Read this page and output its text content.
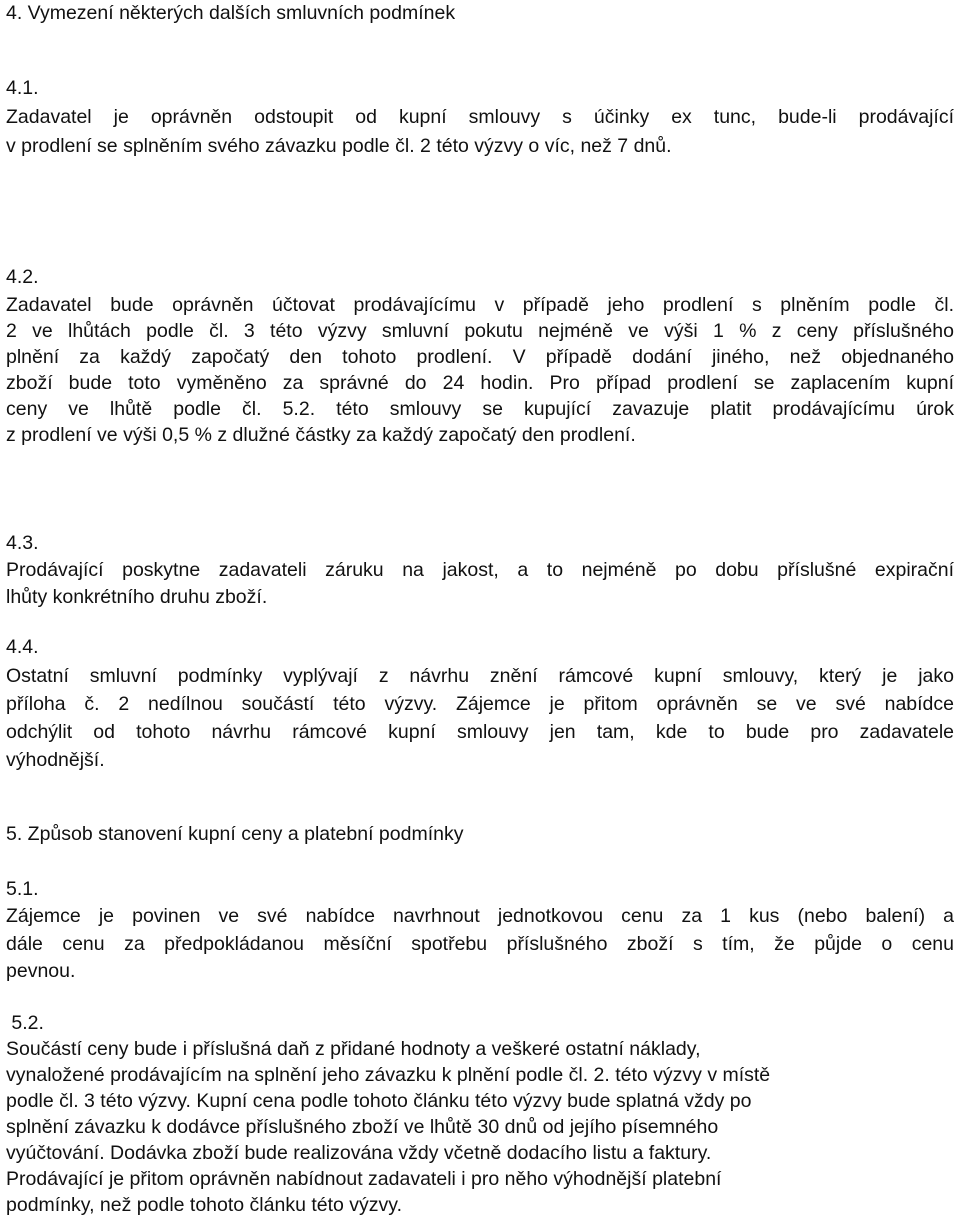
4. Vymezení některých dalších smluvních podmínek
4.1.
Zadavatel je oprávněn odstoupit od kupní smlouvy s účinky ex tunc, bude-li prodávající
v prodlení se splněním svého závazku podle čl. 2 této výzvy o víc, než 7 dnů.
4.2.
Zadavatel bude oprávněn účtovat prodávajícímu v případě jeho prodlení s plněním podle čl.
2 ve lhůtách podle čl. 3 této výzvy smluvní pokutu nejméně ve výši 1 % z ceny příslušného
plnění za každý započatý den tohoto prodlení. V případě dodání jiného, než objednaného
zboží bude toto vyměněno za správné do 24 hodin. Pro případ prodlení se zaplacením kupní
ceny ve lhůtě podle čl. 5.2. této smlouvy se kupující zavazuje platit prodávajícímu úrok
z prodlení ve výši 0,5 % z dlužné částky za každý započatý den prodlení.
4.3.
Prodávající poskytne zadavateli záruku na jakost, a to nejméně po dobu příslušné expirační
lhůty konkrétního druhu zboží.
4.4.
Ostatní smluvní podmínky vyplývají z návrhu znění rámcové kupní smlouvy, který je jako
příloha č. 2 nedílnou součástí této výzvy. Zájemce je přitom oprávněn se ve své nabídce
odchýlit od tohoto návrhu rámcové kupní smlouvy jen tam, kde to bude pro zadavatele
výhodnější.
5. Způsob stanovení kupní ceny a platební podmínky
5.1.
Zájemce je povinen ve své nabídce navrhnout jednotkovou cenu za 1 kus (nebo balení) a
dále cenu za předpokládanou měsíční spotřebu příslušného zboží s tím, že půjde o cenu
pevnou.
5.2.
Součástí ceny bude i příslušná daň z přidané hodnoty a veškeré ostatní náklady,
vynaložené prodávajícím na splnění jeho závazku k plnění podle čl. 2. této výzvy v místě
podle čl. 3 této výzvy. Kupní cena podle tohoto článku této výzvy bude splatná vždy po
splnění závazku k dodávce příslušného zboží ve lhůtě 30 dnů od jejího písemného
vyúčtování. Dodávka zboží bude realizována vždy včetně dodacího listu a faktury.
Prodávající je přitom oprávněn nabídnout zadavateli i pro něho výhodnější platební
podmínky, než podle tohoto článku této výzvy.
